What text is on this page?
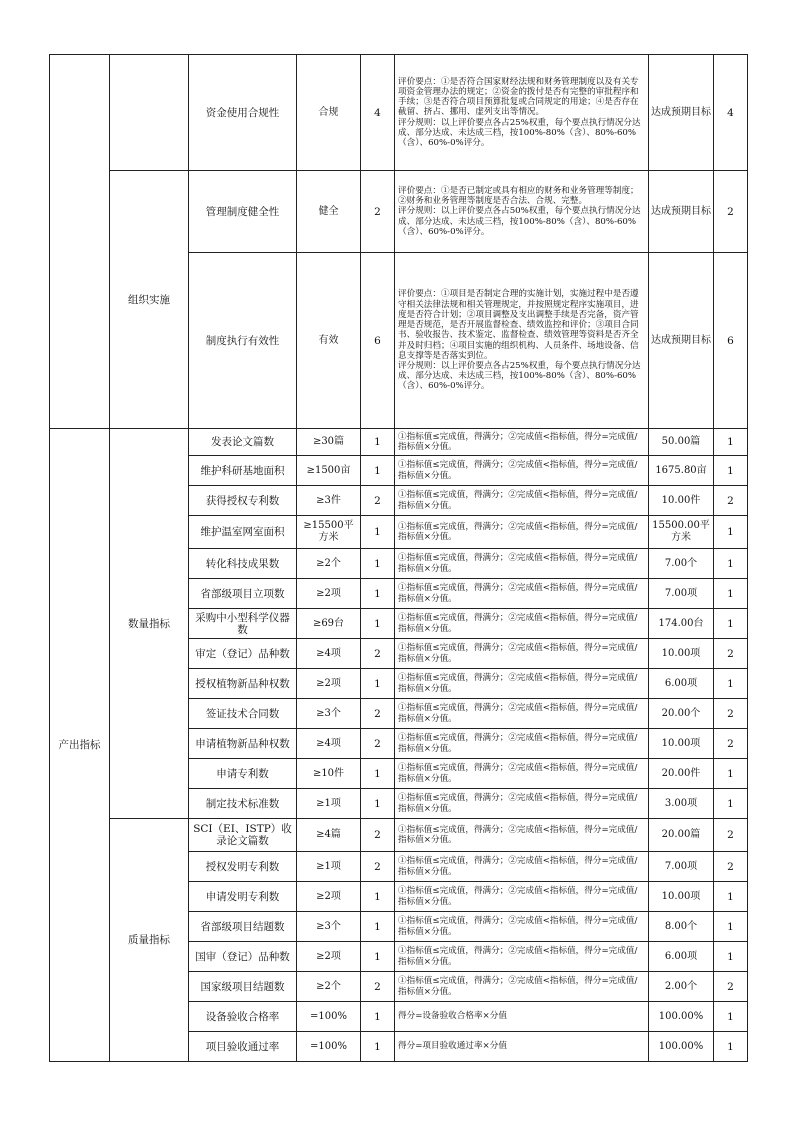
		资金使用合规性	合规	4	评价要点：①是否符合国家财经法规和财务管理制度以及有关专项资金管理办法的规定；②资金的拨付是否有完整的审批程序和手续；③是否符合项目预算批复或合同规定的用途；④是否存在截留、挤占、挪用、虚列支出等情况。
评分规则：以上评价要点各占25%权重，每个要点执行情况分达成、部分达成、未达成三档，按100%-80%（含）、80%-60%（含）、60%-0%评分。	达成预期目标	4
	组织实施	管理制度健全性	健全	2	评价要点：①是否已制定或具有相应的财务和业务管理等制度；②财务和业务管理等制度是否合法、合规、完整。
评分规则：以上评价要点各占50%权重，每个要点执行情况分达成、部分达成、未达成三档，按100%-80%（含）、80%-60%（含）、60%-0%评分。	达成预期目标	2
		制度执行有效性	有效	6	评价要点：①项目是否制定合理的实施计划，实施过程中是否遵守相关法律法规和相关管理规定，并按照规定程序实施项目，进度是否符合计划；②项目调整及支出调整手续是否完备，资产管理是否规范，是否开展监督检查、绩效监控和评价；③项目合同书、验收报告、技术鉴定、监督检查、绩效管理等资料是否齐全并及时归档；④项目实施的组织机构、人员条件、场地设备、信息支撑等是否落实到位。
评分规则：以上评价要点各占25%权重，每个要点执行情况分达成、部分达成、未达成三档，按100%-80%（含）、80%-60%（含）、60%-0%评分。	达成预期目标	6
产出指标	数量指标	发表论文篇数	≥30篇	1	①指标值≤完成值，得满分；②完成值<指标值，得分=完成值/指标值×分值。	50.00篇	1
		维护科研基地面积	≥1500亩	1	①指标值≤完成值，得满分；②完成值<指标值，得分=完成值/指标值×分值。	1675.80亩	1
		获得授权专利数	≥3件	2	①指标值≤完成值，得满分；②完成值<指标值，得分=完成值/指标值×分值。	10.00件	2
		维护温室网室面积	≥15500平方米	1	①指标值≤完成值，得满分；②完成值<指标值，得分=完成值/指标值×分值。	15500.00平方米	1
		转化科技成果数	≥2个	1	①指标值≤完成值，得满分；②完成值<指标值，得分=完成值/指标值×分值。	7.00个	1
		省部级项目立项数	≥2项	1	①指标值≤完成值，得满分；②完成值<指标值，得分=完成值/指标值×分值。	7.00项	1
		采购中小型科学仪器数	≥69台	1	①指标值≤完成值，得满分；②完成值<指标值，得分=完成值/指标值×分值。	174.00台	1
		审定（登记）品种数	≥4项	2	①指标值≤完成值，得满分；②完成值<指标值，得分=完成值/指标值×分值。	10.00项	2
		授权植物新品种权数	≥2项	1	①指标值≤完成值，得满分；②完成值<指标值，得分=完成值/指标值×分值。	6.00项	1
		签证技术合同数	≥3个	2	①指标值≤完成值，得满分；②完成值<指标值，得分=完成值/指标值×分值。	20.00个	2
		申请植物新品种权数	≥4项	2	①指标值≤完成值，得满分；②完成值<指标值，得分=完成值/指标值×分值。	10.00项	2
		申请专利数	≥10件	1	①指标值≤完成值，得满分；②完成值<指标值，得分=完成值/指标值×分值。	20.00件	1
		制定技术标准数	≥1项	1	①指标值≤完成值，得满分；②完成值<指标值，得分=完成值/指标值×分值。	3.00项	1
	质量指标	SCI（EI、ISTP）收录论文篇数	≥4篇	2	①指标值≤完成值，得满分；②完成值<指标值，得分=完成值/指标值×分值。	20.00篇	2
		授权发明专利数	≥1项	2	①指标值≤完成值，得满分；②完成值<指标值，得分=完成值/指标值×分值。	7.00项	2
		申请发明专利数	≥2项	1	①指标值≤完成值，得满分；②完成值<指标值，得分=完成值/指标值×分值。	10.00项	1
		省部级项目结题数	≥3个	1	①指标值≤完成值，得满分；②完成值<指标值，得分=完成值/指标值×分值。	8.00个	1
		国审（登记）品种数	≥2项	1	①指标值≤完成值，得满分；②完成值<指标值，得分=完成值/指标值×分值。	6.00项	1
		国家级项目结题数	≥2个	2	①指标值≤完成值，得满分；②完成值<指标值，得分=完成值/指标值×分值。	2.00个	2
		设备验收合格率	=100%	1	得分=设备验收合格率×分值	100.00%	1
		项目验收通过率	=100%	1	得分=项目验收通过率×分值	100.00%	1
